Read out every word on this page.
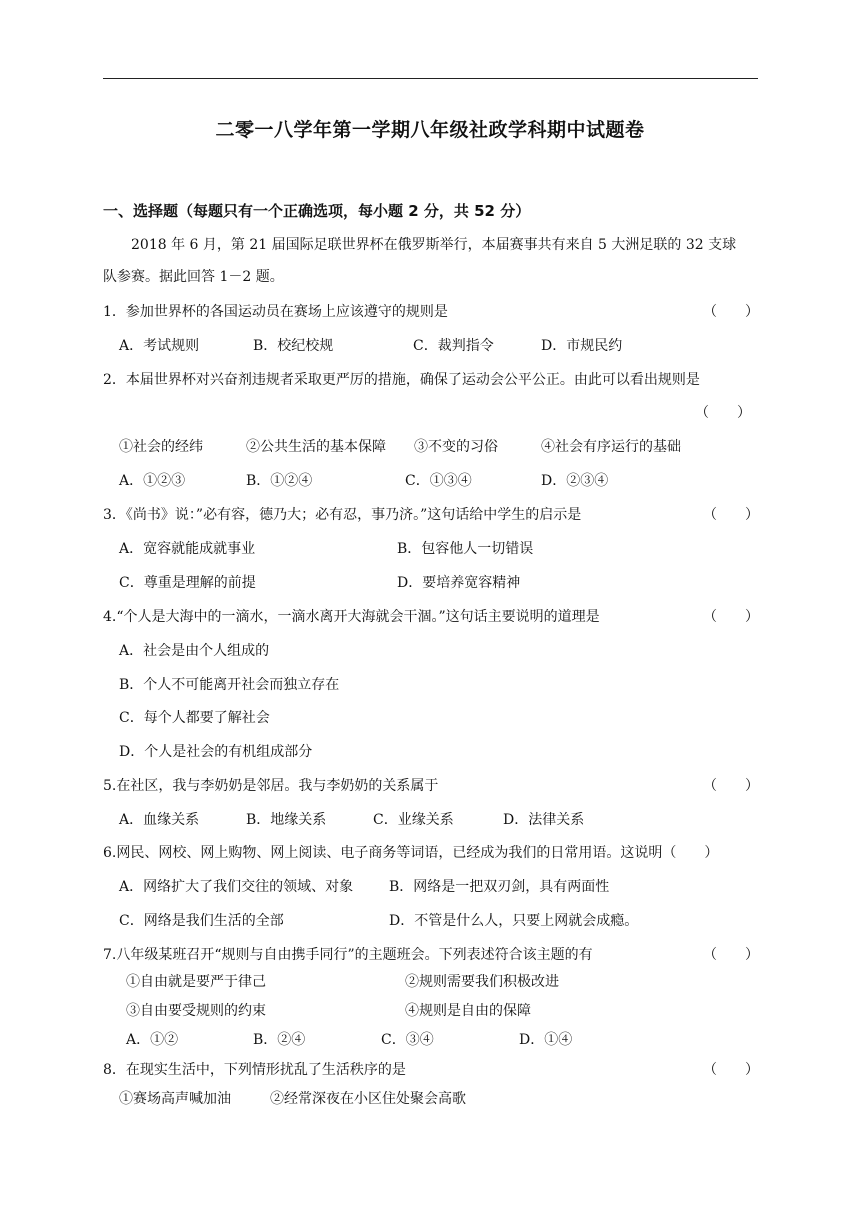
二零一八学年第一学期八年级社政学科期中试题卷
一、选择题（每题只有一个正确选项，每小题 2 分，共 52 分）
2018 年 6 月，第 21 届国际足联世界杯在俄罗斯举行，本届赛事共有来自 5 大洲足联的 32 支球
队参赛。据此回答 1－2 题。
1．参加世界杯的各国运动员在赛场上应该遵守的规则是	（　　）
A．考试规则	B．校纪校规	C．裁判指令	D．市规民约
2．本届世界杯对兴奋剂违规者采取更严厉的措施，确保了运动会公平公正。由此可以看出规则是
（　　）
①社会的经纬	②公共生活的基本保障 ③不变的习俗	④社会有序运行的基础
A．①②③	B．①②④	C．①③④	D．②③④
3．《尚书》说：”必有容，德乃大；必有忍，事乃济。”这句话给中学生的启示是	（　　）
A．宽容就能成就事业	B．包容他人一切错误
C．尊重是理解的前提	D．要培养宽容精神
4.“个人是大海中的一滴水，一滴水离开大海就会干涸。”这句话主要说明的道理是	（　　）
A．社会是由个人组成的
B．个人不可能离开社会而独立存在
C．每个人都要了解社会
D．个人是社会的有机组成部分
5.在社区，我与李奶奶是邻居。我与李奶奶的关系属于	（　　）
A．血缘关系	B．地缘关系	C．业缘关系	D．法律关系
6.网民、网校、网上购物、网上阅读、电子商务等词语，已经成为我们的日常用语。这说明（　　）
A．网络扩大了我们交往的领域、对象	B．网络是一把双刃剑，具有两面性
C．网络是我们生活的全部	D．不管是什么人，只要上网就会成瘾。
7.八年级某班召开“规则与自由携手同行”的主题班会。下列表述符合该主题的有	（　　）
①自由就是要严于律己	②规则需要我们积极改进
③自由要受规则的约束	④规则是自由的保障
A．①②	B．②④	C．③④	D．①④
8．在现实生活中，下列情形扰乱了生活秩序的是	（　　）
①赛场高声喊加油	②经常深夜在小区住处聚会高歌
